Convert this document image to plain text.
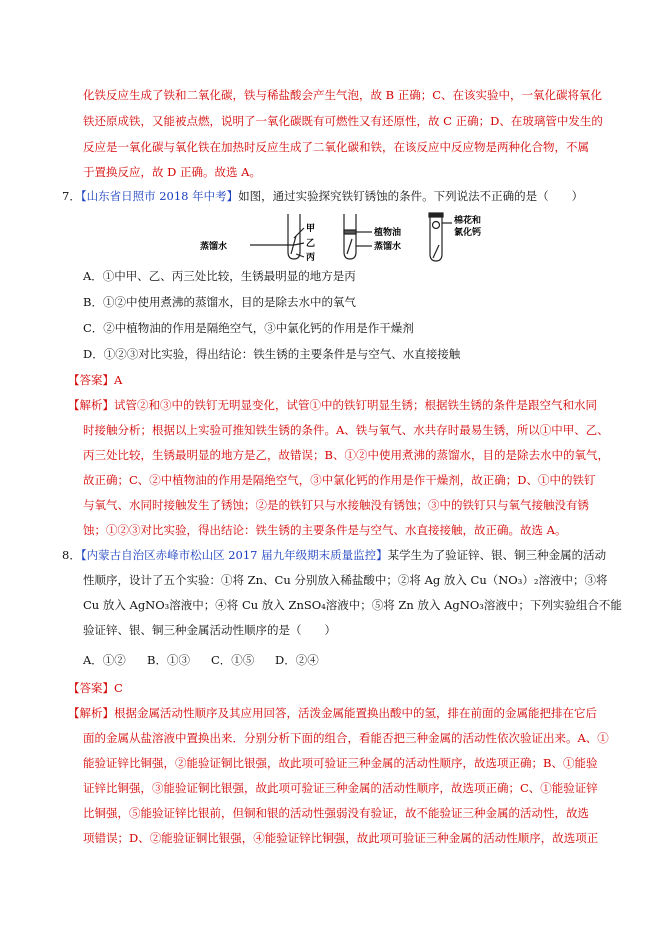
化铁反应生成了铁和二氧化碳，铁与稀盐酸会产生气泡，故 B 正确；C、在该实验中，一氧化碳将氧化
铁还原成铁，又能被点燃，说明了一氧化碳既有可燃性又有还原性，故 C 正确；D、在玻璃管中发生的
反应是一氧化碳与氧化铁在加热时反应生成了二氧化碳和铁，在该反应中反应物是两种化合物，不属
于置换反应，故 D 正确。故选 A。
7．【山东省日照市 2018 年中考】如图，通过实验探究铁钉锈蚀的条件。下列说法不正确的是（　　）
蒸馏水
甲
乙
丙
植物油
蒸馏水
棉花和
氯化钙
A．①中甲、乙、丙三处比较，生锈最明显的地方是丙
B．①②中使用煮沸的蒸馏水，目的是除去水中的氧气
C．②中植物油的作用是隔绝空气，③中氯化钙的作用是作干燥剂
D．①②③对比实验，得出结论：铁生锈的主要条件是与空气、水直接接触
【答案】A
【解析】试管②和③中的铁钉无明显变化，试管①中的铁钉明显生锈；根据铁生锈的条件是跟空气和水同
时接触分析；根据以上实验可推知铁生锈的条件。A、铁与氧气、水共存时最易生锈，所以①中甲、乙、
丙三处比较，生锈最明显的地方是乙，故错误；B、①②中使用煮沸的蒸馏水，目的是除去水中的氧气，
故正确；C、②中植物油的作用是隔绝空气，③中氯化钙的作用是作干燥剂，故正确；D、①中的铁钉
与氧气、水同时接触发生了锈蚀；②是的铁钉只与水接触没有锈蚀；③中的铁钉只与氧气接触没有锈
蚀；①②③对比实验，得出结论：铁生锈的主要条件是与空气、水直接接触，故正确。故选 A。
8．【内蒙古自治区赤峰市松山区 2017 届九年级期末质量监控】某学生为了验证锌、银、铜三种金属的活动
性顺序，设计了五个实验：①将 Zn、Cu 分别放入稀盐酸中；②将 Ag 放入 Cu（NO₃）₂溶液中；③将
Cu 放入 AgNO₃溶液中；④将 Cu 放入 ZnSO₄溶液中；⑤将 Zn 放入 AgNO₃溶液中；下列实验组合不能
验证锌、银、铜三种金属活动性顺序的是（　　）
A．①② B．①③ C．①⑤ D．②④
【答案】C
【解析】根据金属活动性顺序及其应用回答，活泼金属能置换出酸中的氢，排在前面的金属能把排在它后
面的金属从盐溶液中置换出来．分别分析下面的组合，看能否把三种金属的活动性依次验证出来。A、①
能验证锌比铜强，②能验证铜比银强，故此项可验证三种金属的活动性顺序，故选项正确；B、①能验
证锌比铜强，③能验证铜比银强，故此项可验证三种金属的活动性顺序，故选项正确；C、①能验证锌
比铜强，⑤能验证锌比银前，但铜和银的活动性强弱没有验证，故不能验证三种金属的活动性，故选
项错误；D、②能验证铜比银强，④能验证锌比铜强，故此项可验证三种金属的活动性顺序，故选项正
